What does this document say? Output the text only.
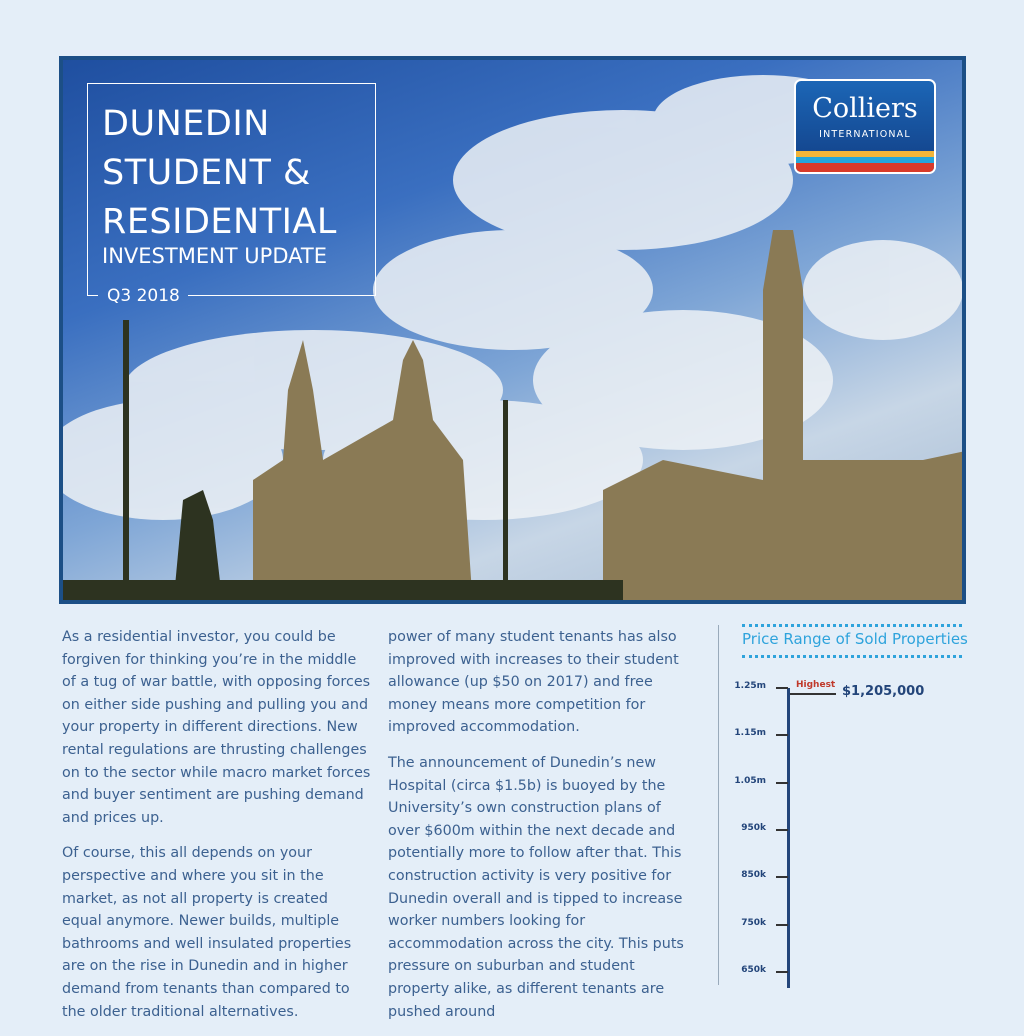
DUNEDIN
STUDENT &
RESIDENTIAL
INVESTMENT UPDATE
Q3 2018
Colliers
INTERNATIONAL

As a residential investor, you could be forgiven for thinking you’re in the middle of a tug of war battle, with opposing forces on either side pushing and pulling you and your property in different directions. New rental regulations are thrusting challenges on to the sector while macro market forces and buyer sentiment are pushing demand and prices up.

Of course, this all depends on your perspective and where you sit in the market, as not all property is created equal anymore. Newer builds, multiple bathrooms and well insulated properties are on the rise in Dunedin and in higher demand from tenants than compared to the older traditional alternatives.

power of many student tenants has also improved with increases to their student allowance (up $50 on 2017) and free money means more competition for improved accommodation.

The announcement of Dunedin’s new Hospital (circa $1.5b) is buoyed by the University’s own construction plans of over $600m within the next decade and potentially more to follow after that. This construction activity is very positive for Dunedin overall and is tipped to increase worker numbers looking for accommodation across the city. This puts pressure on suburban and student property alike, as different tenants are pushed around

Price Range of Sold Properties
1.25m
1.15m
1.05m
950k
850k
750k
650k
Highest $1,205,000
